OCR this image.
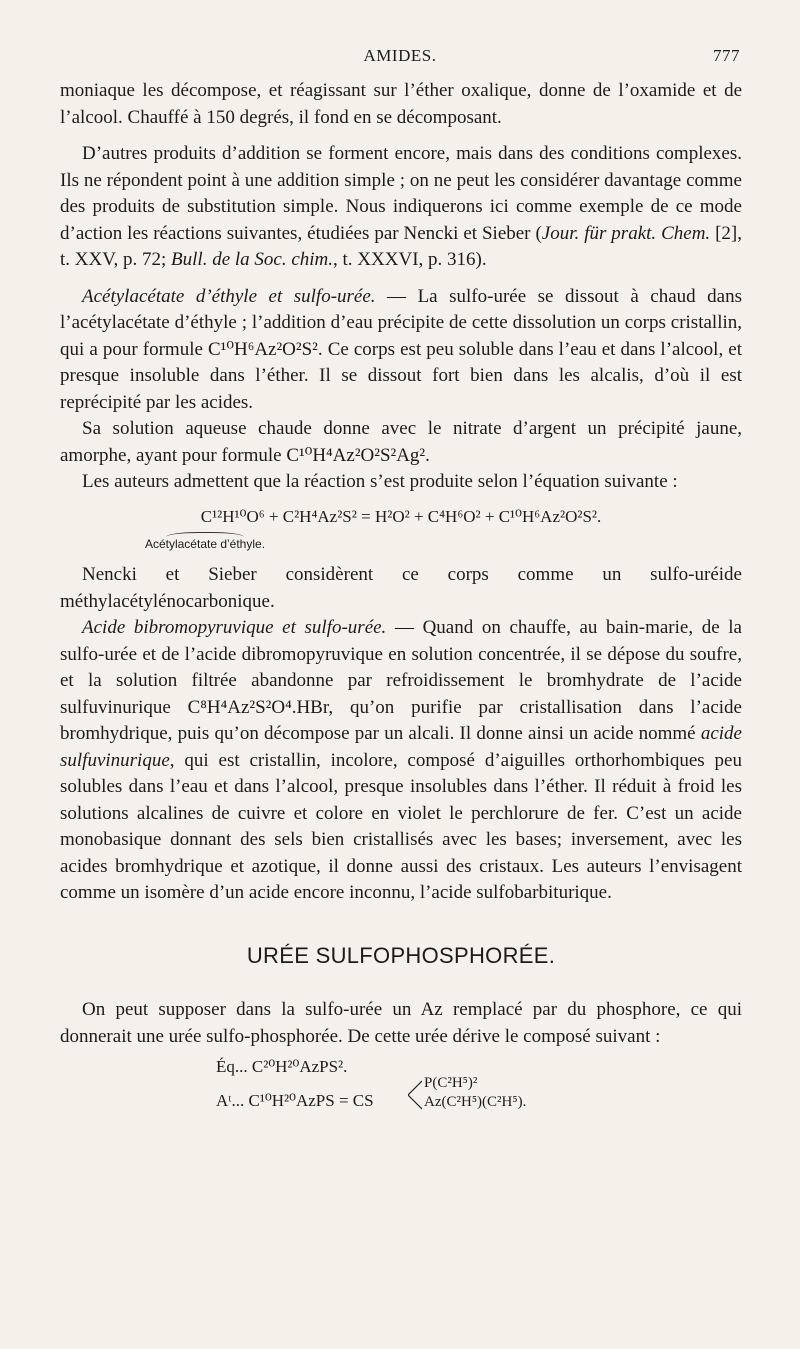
AMIDES.	777

moniaque les décompose, et réagissant sur l’éther oxalique, donne de l’oxamide et de l’alcool. Chauffé à 150 degrés, il fond en se décomposant.

D’autres produits d’addition se forment encore, mais dans des conditions complexes. Ils ne répondent point à une addition simple ; on ne peut les considérer davantage comme des produits de substitution simple. Nous indiquerons ici comme exemple de ce mode d’action les réactions suivantes, étudiées par Nencki et Sieber (Jour. für prakt. Chem. [2], t. XXV, p. 72; Bull. de la Soc. chim., t. XXXVI, p. 316).

Acétylacétate d’éthyle et sulfo-urée. — La sulfo-urée se dissout à chaud dans l’acétylacétate d’éthyle ; l’addition d’eau précipite de cette dissolution un corps cristallin, qui a pour formule C¹⁰H⁶Az²O²S². Ce corps est peu soluble dans l’eau et dans l’alcool, et presque insoluble dans l’éther. Il se dissout fort bien dans les alcalis, d’où il est reprécipité par les acides.

Sa solution aqueuse chaude donne avec le nitrate d’argent un précipité jaune, amorphe, ayant pour formule C¹⁰H⁴Az²O²S²Ag².

Les auteurs admettent que la réaction s’est produite selon l’équation suivante :

C¹²H¹⁰O⁶ + C²H⁴Az²S² = H²O² + C⁴H⁶O² + C¹⁰H⁶Az²O²S².
Acétylacétate d’éthyle.

Nencki et Sieber considèrent ce corps comme un sulfo-uréide méthylacétylénocarbonique.

Acide bibromopyruvique et sulfo-urée. — Quand on chauffe, au bain-marie, de la sulfo-urée et de l’acide dibromopyruvique en solution concentrée, il se dépose du soufre, et la solution filtrée abandonne par refroidissement le bromhydrate de l’acide sulfuvinurique C⁸H⁴Az²S²O⁴.HBr, qu’on purifie par cristallisation dans l’acide bromhydrique, puis qu’on décompose par un alcali. Il donne ainsi un acide nommé acide sulfuvinurique, qui est cristallin, incolore, composé d’aiguilles orthorhombiques peu solubles dans l’eau et dans l’alcool, presque insolubles dans l’éther. Il réduit à froid les solutions alcalines de cuivre et colore en violet le perchlorure de fer. C’est un acide monobasique donnant des sels bien cristallisés avec les bases; inversement, avec les acides bromhydrique et azotique, il donne aussi des cristaux. Les auteurs l’envisagent comme un isomère d’un acide encore inconnu, l’acide sulfobarbiturique.

URÉE SULFOPHOSPHORÉE.

On peut supposer dans la sulfo-urée un Az remplacé par du phosphore, ce qui donnerait une urée sulfo-phosphorée. De cette urée dérive le composé suivant :

Éq... C²⁰H²⁰AzPS².
Aᵗ... C¹⁰H²⁰AzPS = CS
P(C²H⁵)²
Az(C²H⁵)(C²H⁵).
